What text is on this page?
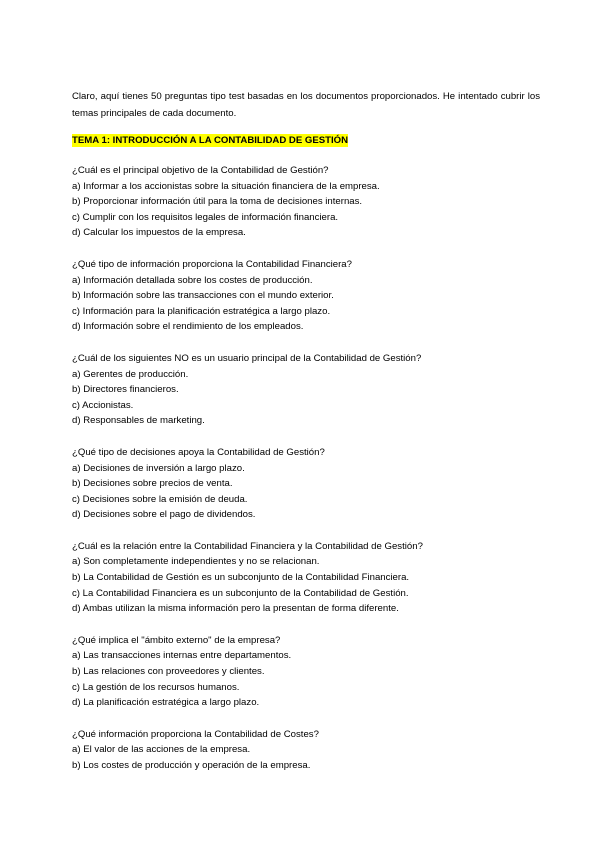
Claro, aquí tienes 50 preguntas tipo test basadas en los documentos proporcionados. He intentado cubrir los temas principales de cada documento.

TEMA 1: INTRODUCCIÓN A LA CONTABILIDAD DE GESTIÓN

¿Cuál es el principal objetivo de la Contabilidad de Gestión?
a) Informar a los accionistas sobre la situación financiera de la empresa.
b) Proporcionar información útil para la toma de decisiones internas.
c) Cumplir con los requisitos legales de información financiera.
d) Calcular los impuestos de la empresa.
¿Qué tipo de información proporciona la Contabilidad Financiera?
a) Información detallada sobre los costes de producción.
b) Información sobre las transacciones con el mundo exterior.
c) Información para la planificación estratégica a largo plazo.
d) Información sobre el rendimiento de los empleados.
¿Cuál de los siguientes NO es un usuario principal de la Contabilidad de Gestión?
a) Gerentes de producción.
b) Directores financieros.
c) Accionistas.
d) Responsables de marketing.
¿Qué tipo de decisiones apoya la Contabilidad de Gestión?
a) Decisiones de inversión a largo plazo.
b) Decisiones sobre precios de venta.
c) Decisiones sobre la emisión de deuda.
d) Decisiones sobre el pago de dividendos.
¿Cuál es la relación entre la Contabilidad Financiera y la Contabilidad de Gestión?
a) Son completamente independientes y no se relacionan.
b) La Contabilidad de Gestión es un subconjunto de la Contabilidad Financiera.
c) La Contabilidad Financiera es un subconjunto de la Contabilidad de Gestión.
d) Ambas utilizan la misma información pero la presentan de forma diferente.
¿Qué implica el "ámbito externo" de la empresa?
a) Las transacciones internas entre departamentos.
b) Las relaciones con proveedores y clientes.
c) La gestión de los recursos humanos.
d) La planificación estratégica a largo plazo.
¿Qué información proporciona la Contabilidad de Costes?
a) El valor de las acciones de la empresa.
b) Los costes de producción y operación de la empresa.
